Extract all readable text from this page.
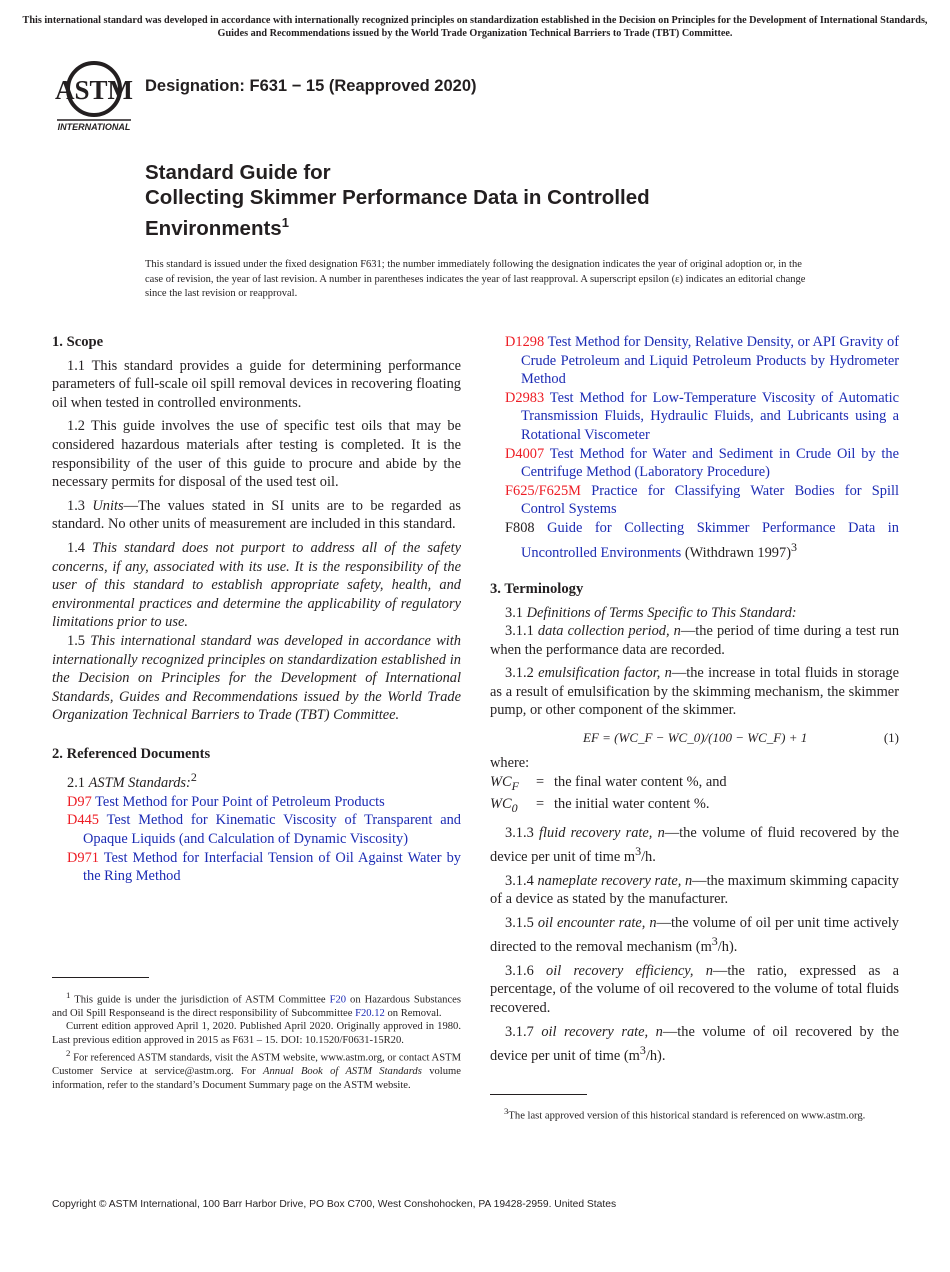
This international standard was developed in accordance with internationally recognized principles on standardization established in the Decision on Principles for the Development of International Standards, Guides and Recommendations issued by the World Trade Organization Technical Barriers to Trade (TBT) Committee.
ASTM
INTERNATIONAL
Designation: F631 − 15 (Reapproved 2020)
Standard Guide for
Collecting Skimmer Performance Data in Controlled
Environments$^1$
This standard is issued under the fixed designation F631; the number immediately following the designation indicates the year of original adoption or, in the case of revision, the year of last revision. A number in parentheses indicates the year of last reapproval. A superscript epsilon (ε) indicates an editorial change since the last revision or reapproval.
1. Scope

1.1 This standard provides a guide for determining performance parameters of full-scale oil spill removal devices in recovering floating oil when tested in controlled environments.

1.2 This guide involves the use of specific test oils that may be considered hazardous materials after testing is completed. It is the responsibility of the user of this guide to procure and abide by the necessary permits for disposal of the used test oil.

1.3 Units—The values stated in SI units are to be regarded as standard. No other units of measurement are included in this standard.

1.4 This standard does not purport to address all of the safety concerns, if any, associated with its use. It is the responsibility of the user of this standard to establish appropriate safety, health, and environmental practices and determine the applicability of regulatory limitations prior to use.

1.5 This international standard was developed in accordance with internationally recognized principles on standardization established in the Decision on Principles for the Development of International Standards, Guides and Recommendations issued by the World Trade Organization Technical Barriers to Trade (TBT) Committee.

2. Referenced Documents

2.1 ASTM Standards:$^2$

D97 Test Method for Pour Point of Petroleum Products
D445 Test Method for Kinematic Viscosity of Transparent and Opaque Liquids (and Calculation of Dynamic Viscosity)
D971 Test Method for Interfacial Tension of Oil Against Water by the Ring Method

$^1$ This guide is under the jurisdiction of ASTM Committee F20 on Hazardous Substances and Oil Spill Responseand is the direct responsibility of Subcommittee F20.12 on Removal.

Current edition approved April 1, 2020. Published April 2020. Originally approved in 1980. Last previous edition approved in 2015 as F631 – 15. DOI: 10.1520/F0631-15R20.

$^2$ For referenced ASTM standards, visit the ASTM website, www.astm.org, or contact ASTM Customer Service at service@astm.org. For Annual Book of ASTM Standards volume information, refer to the standard’s Document Summary page on the ASTM website.

D1298 Test Method for Density, Relative Density, or API Gravity of Crude Petroleum and Liquid Petroleum Products by Hydrometer Method
D2983 Test Method for Low-Temperature Viscosity of Automatic Transmission Fluids, Hydraulic Fluids, and Lubricants using a Rotational Viscometer
D4007 Test Method for Water and Sediment in Crude Oil by the Centrifuge Method (Laboratory Procedure)
F625/F625M Practice for Classifying Water Bodies for Spill Control Systems
F808 Guide for Collecting Skimmer Performance Data in Uncontrolled Environments (Withdrawn 1997)$^3$
3. Terminology

3.1 Definitions of Terms Specific to This Standard:

3.1.1 data collection period, n—the period of time during a test run when the performance data are recorded.

3.1.2 emulsification factor, n—the increase in total fluids in storage as a result of emulsification by the skimming mechanism, the skimmer pump, or other component of the skimmer.

EF = (WC_F − WC_0)/(100 − WC_F) + 1	(1)

where:

$WC_F$	= the final water content %, and
$WC_0$	= the initial water content %.

3.1.3 fluid recovery rate, n—the volume of fluid recovered by the device per unit of time $m^3/h$.

3.1.4 nameplate recovery rate, n—the maximum skimming capacity of a device as stated by the manufacturer.

3.1.5 oil encounter rate, n—the volume of oil per unit time actively directed to the removal mechanism $(m^3/h)$.

3.1.6 oil recovery efficiency, n—the ratio, expressed as a percentage, of the volume of oil recovered to the volume of total fluids recovered.

3.1.7 oil recovery rate, n—the volume of oil recovered by the device per unit of time $(m^3/h)$.

$^3$The last approved version of this historical standard is referenced on www.astm.org.

Copyright © ASTM International, 100 Barr Harbor Drive, PO Box C700, West Conshohocken, PA 19428-2959. United States
